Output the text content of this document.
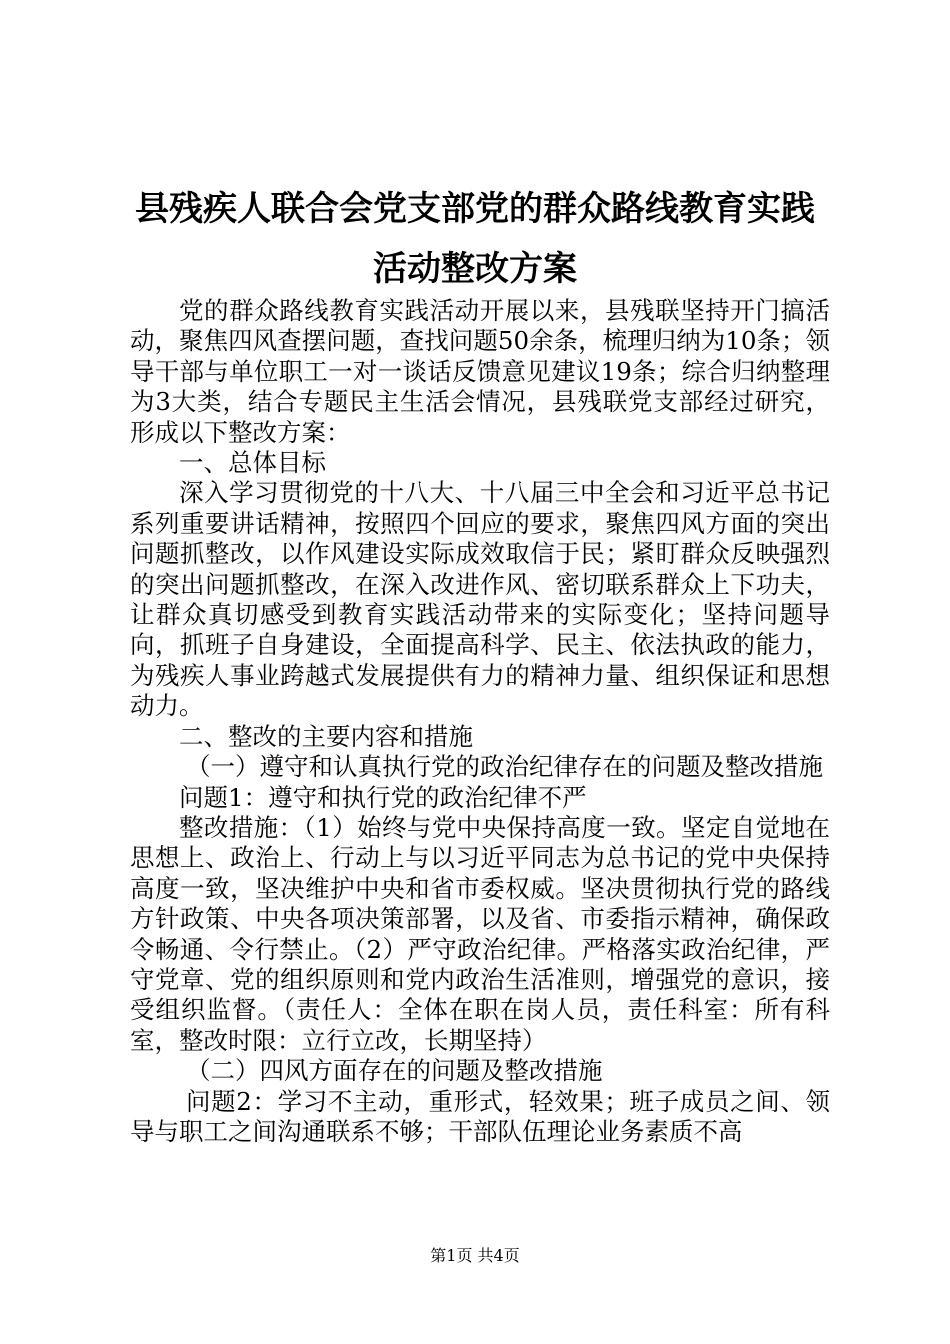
县残疾人联合会党支部党的群众路线教育实践
活动整改方案

党的群众路线教育实践活动开展以来，县残联坚持开门搞活动，聚焦四风查摆问题，查找问题50余条，梳理归纳为10条；领导干部与单位职工一对一谈话反馈意见建议19条；综合归纳整理为3大类，结合专题民主生活会情况，县残联党支部经过研究，形成以下整改方案：

一、总体目标

深入学习贯彻党的十八大、十八届三中全会和习近平总书记系列重要讲话精神，按照四个回应的要求，聚焦四风方面的突出问题抓整改，以作风建设实际成效取信于民；紧盯群众反映强烈的突出问题抓整改，在深入改进作风、密切联系群众上下功夫，让群众真切感受到教育实践活动带来的实际变化；坚持问题导向，抓班子自身建设，全面提高科学、民主、依法执政的能力，为残疾人事业跨越式发展提供有力的精神力量、组织保证和思想动力。

二、整改的主要内容和措施

（一）遵守和认真执行党的政治纪律存在的问题及整改措施

问题1：遵守和执行党的政治纪律不严

整改措施：（1）始终与党中央保持高度一致。坚定自觉地在思想上、政治上、行动上与以习近平同志为总书记的党中央保持高度一致，坚决维护中央和省市委权威。坚决贯彻执行党的路线方针政策、中央各项决策部署，以及省、市委指示精神，确保政令畅通、令行禁止。（2）严守政治纪律。严格落实政治纪律，严守党章、党的组织原则和党内政治生活准则，增强党的意识，接受组织监督。（责任人：全体在职在岗人员，责任科室：所有科室，整改时限：立行立改，长期坚持）

（二）四风方面存在的问题及整改措施

问题2：学习不主动，重形式，轻效果；班子成员之间、领导与职工之间沟通联系不够；干部队伍理论业务素质不高

第1页 共4页
